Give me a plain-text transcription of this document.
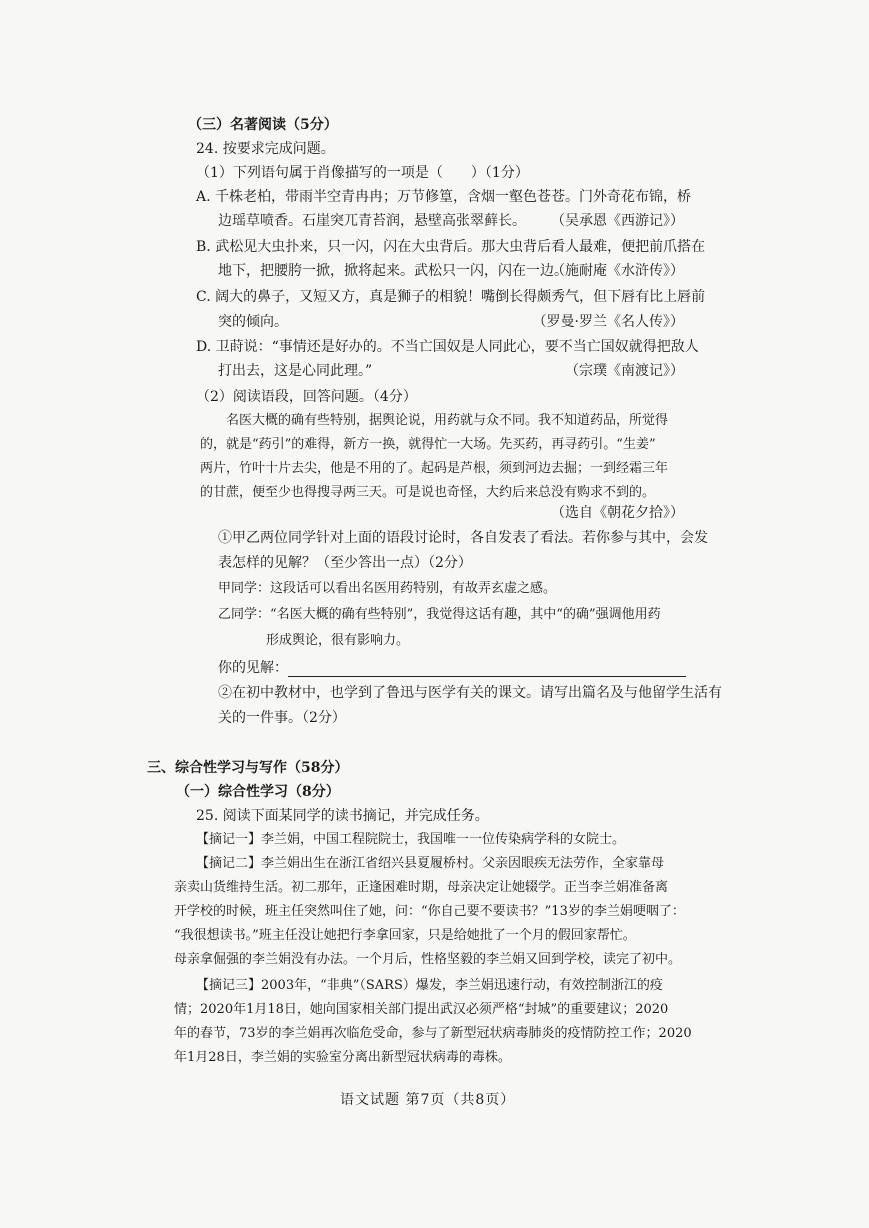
（三）名著阅读（5分）
24. 按要求完成问题。
（1）下列语句属于肖像描写的一项是（　　）（1分）
A. 千株老柏，带雨半空青冉冉；万节修篁，含烟一壑色苍苍。门外奇花布锦，桥
边瑶草喷香。石崖突兀青苔润，悬壁高张翠藓长。 （吴承恩《西游记》）
B. 武松见大虫扑来，只一闪，闪在大虫背后。那大虫背后看人最难，便把前爪搭在
地下，把腰胯一掀，掀将起来。武松只一闪，闪在一边。
（施耐庵《水浒传》）
C. 阔大的鼻子，又短又方，真是狮子的相貌！嘴倒长得颇秀气，但下唇有比上唇前
突的倾向。	（罗曼·罗兰《名人传》）
D. 卫莳说：“事情还是好办的。不当亡国奴是人同此心，要不当亡国奴就得把敌人
打出去，这是心同此理。”	（宗璞《南渡记》）
（2）阅读语段，回答问题。（4分）
名医大概的确有些特别，据舆论说，用药就与众不同。我不知道药品，所觉得
的，就是“药引”的难得，新方一换，就得忙一大场。先买药，再寻药引。“生姜”
两片，竹叶十片去尖，他是不用的了。起码是芦根，须到河边去掘；一到经霜三年
的甘蔗，便至少也得搜寻两三天。可是说也奇怪，大约后来总没有购求不到的。
（选自《朝花夕拾》）
①甲乙两位同学针对上面的语段讨论时，各自发表了看法。若你参与其中，会发
表怎样的见解？（至少答出一点）（2分）
甲同学：这段话可以看出名医用药特别，有故弄玄虚之感。
乙同学：“名医大概的确有些特别”，我觉得这话有趣，其中“的确”强调他用药
形成舆论，很有影响力。
你的见解：
②在初中教材中，也学到了鲁迅与医学有关的课文。请写出篇名及与他留学生活有
关的一件事。（2分）
三、综合性学习与写作（58分）
（一）综合性学习（8分）
25. 阅读下面某同学的读书摘记，并完成任务。
【摘记一】李兰娟，中国工程院院士，我国唯一一位传染病学科的女院士。
【摘记二】李兰娟出生在浙江省绍兴县夏履桥村。父亲因眼疾无法劳作，全家靠母
亲卖山货维持生活。初二那年，正逢困难时期，母亲决定让她辍学。正当李兰娟准备离
开学校的时候，班主任突然叫住了她，问：“你自己要不要读书？”13岁的李兰娟哽咽了：
“我很想读书。”班主任没让她把行李拿回家，只是给她批了一个月的假回家帮忙。
母亲拿倔强的李兰娟没有办法。一个月后，性格坚毅的李兰娟又回到学校，读完了初中。
【摘记三】2003年，“非典”（SARS）爆发，李兰娟迅速行动，有效控制浙江的疫
情；2020年1月18日，她向国家相关部门提出武汉必须严格“封城”的重要建议；2020
年的春节，73岁的李兰娟再次临危受命，参与了新型冠状病毒肺炎的疫情防控工作；2020
年1月28日，李兰娟的实验室分离出新型冠状病毒的毒株。
语文试题 第7页（共8页）
